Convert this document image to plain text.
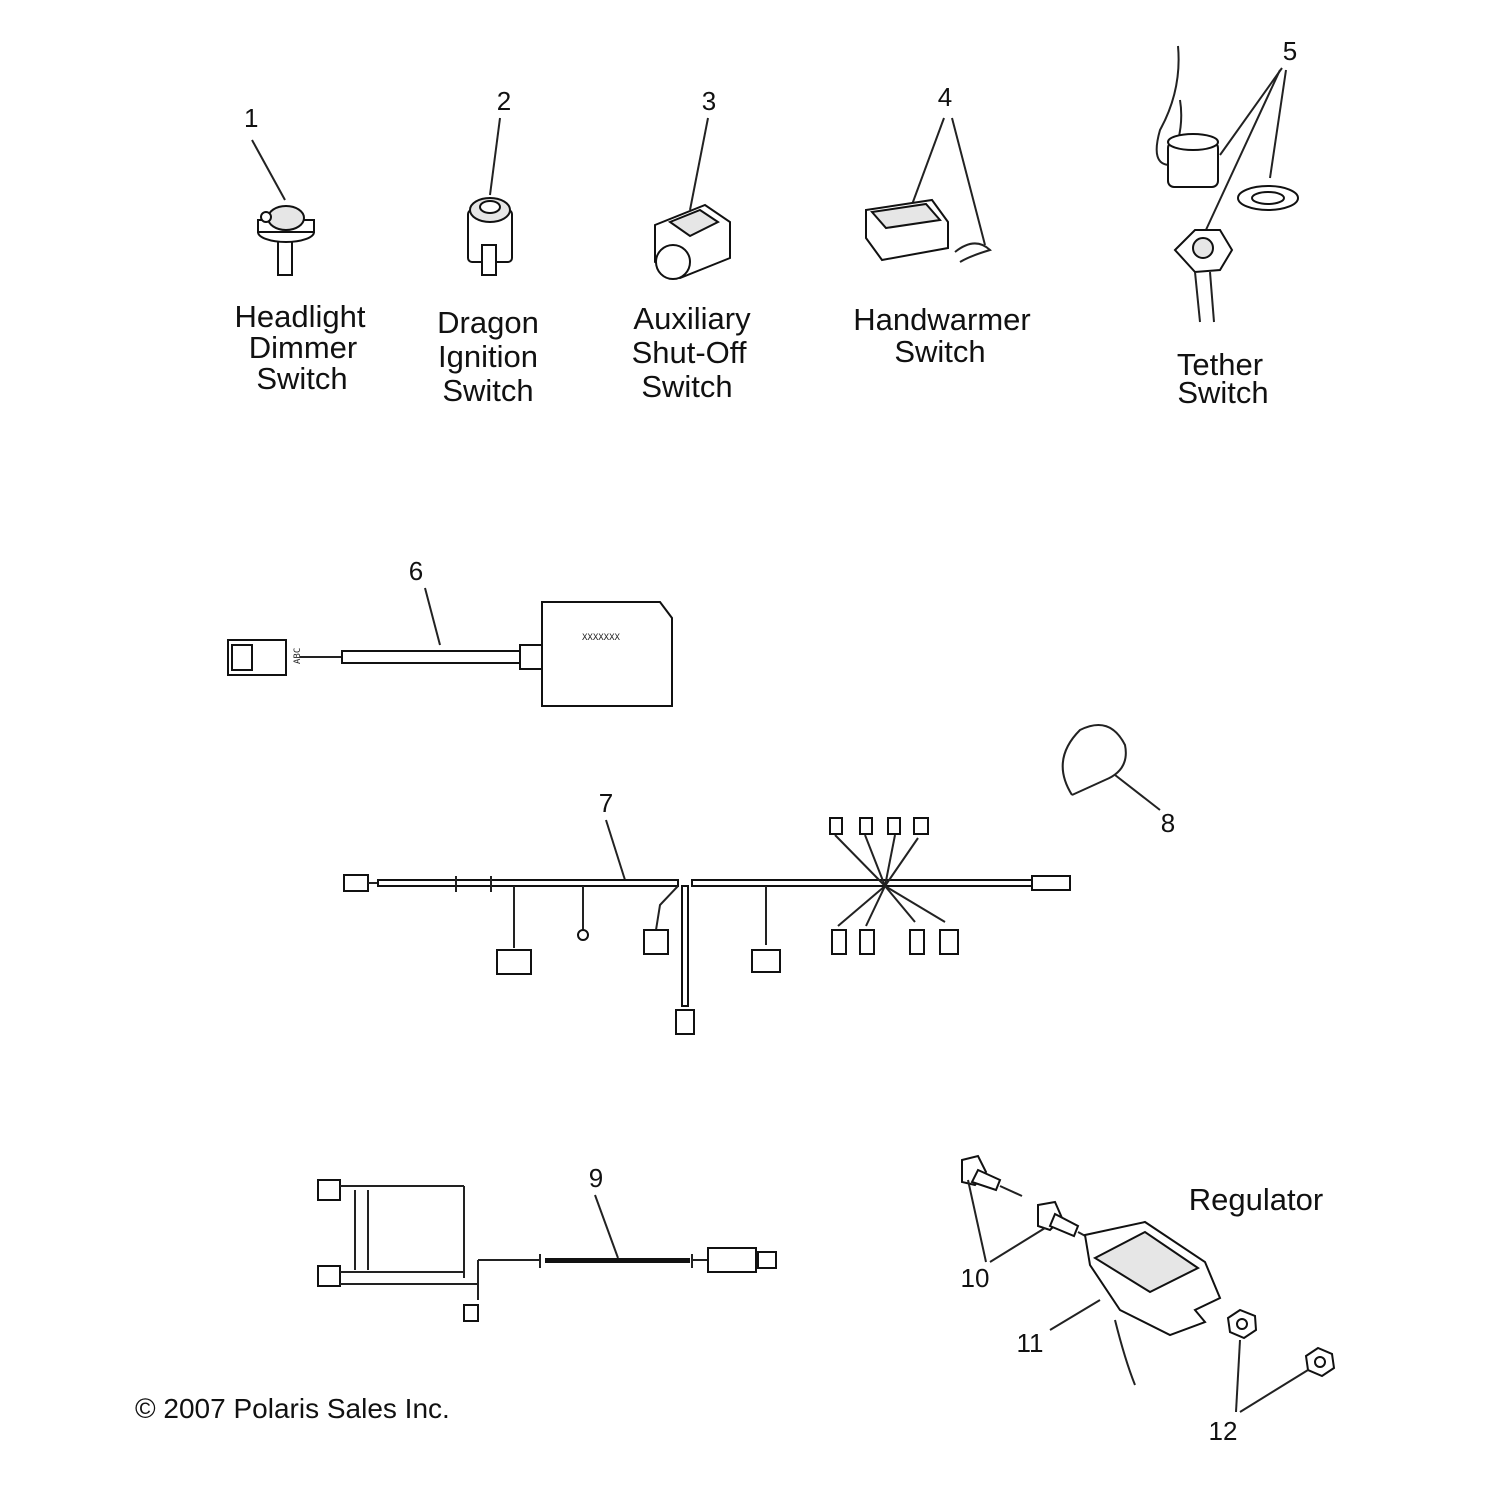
1
Headlight
Dimmer
Switch
2
Dragon
Ignition
Switch
3
Auxiliary
Shut-Off
Switch
4
Handwarmer
Switch
5
Tether
Switch
ABC
XXXXXXX
6
7
8
9
10
11
12
Regulator
© 2007 Polaris Sales Inc.
